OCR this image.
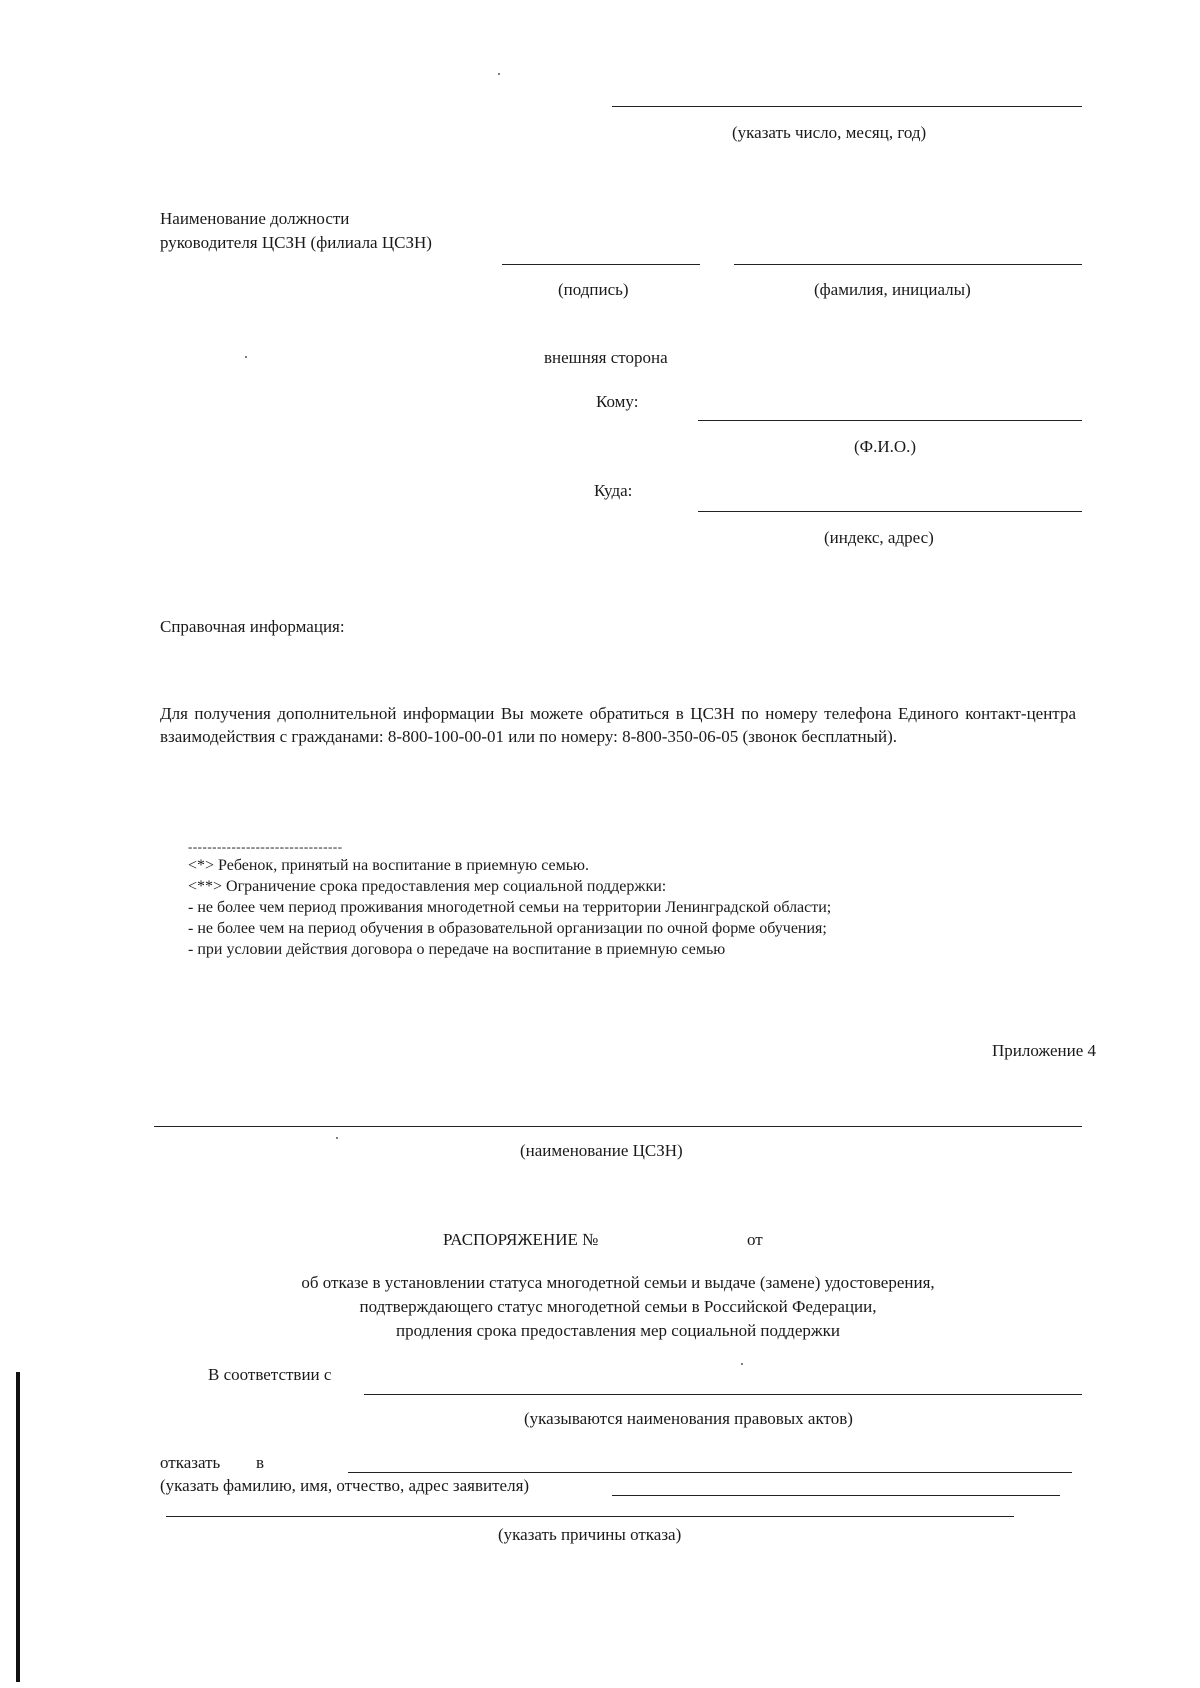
(указать число, месяц, год)
Наименование должности
руководителя ЦСЗН (филиала ЦСЗН)
(подпись)	(фамилия, инициалы)
внешняя сторона
Кому:
(Ф.И.О.)
Куда:
(индекс, адрес)
Справочная информация:

Для получения дополнительной информации Вы можете обратиться в ЦСЗН по номеру телефона Единого контакт-центра взаимодействия с гражданами: 8-800-100-00-01 или по номеру: 8-800-350-06-05 (звонок бесплатный).

--------------------------------
<*> Ребенок, принятый на воспитание в приемную семью.
<**> Ограничение срока предоставления мер социальной поддержки:
- не более чем период проживания многодетной семьи на территории Ленинградской области;
- не более чем на период обучения в образовательной организации по очной форме обучения;
- при условии действия договора о передаче на воспитание в приемную семью
Приложение 4
(наименование ЦСЗН)
РАСПОРЯЖЕНИЕ №	от
об отказе в установлении статуса многодетной семьи и выдаче (замене) удостоверения,
подтверждающего статус многодетной семьи в Российской Федерации,
продления срока предоставления мер социальной поддержки
В соответствии с
(указываются наименования правовых актов)
отказать в
(указать фамилию, имя, отчество, адрес заявителя)
(указать причины отказа)
